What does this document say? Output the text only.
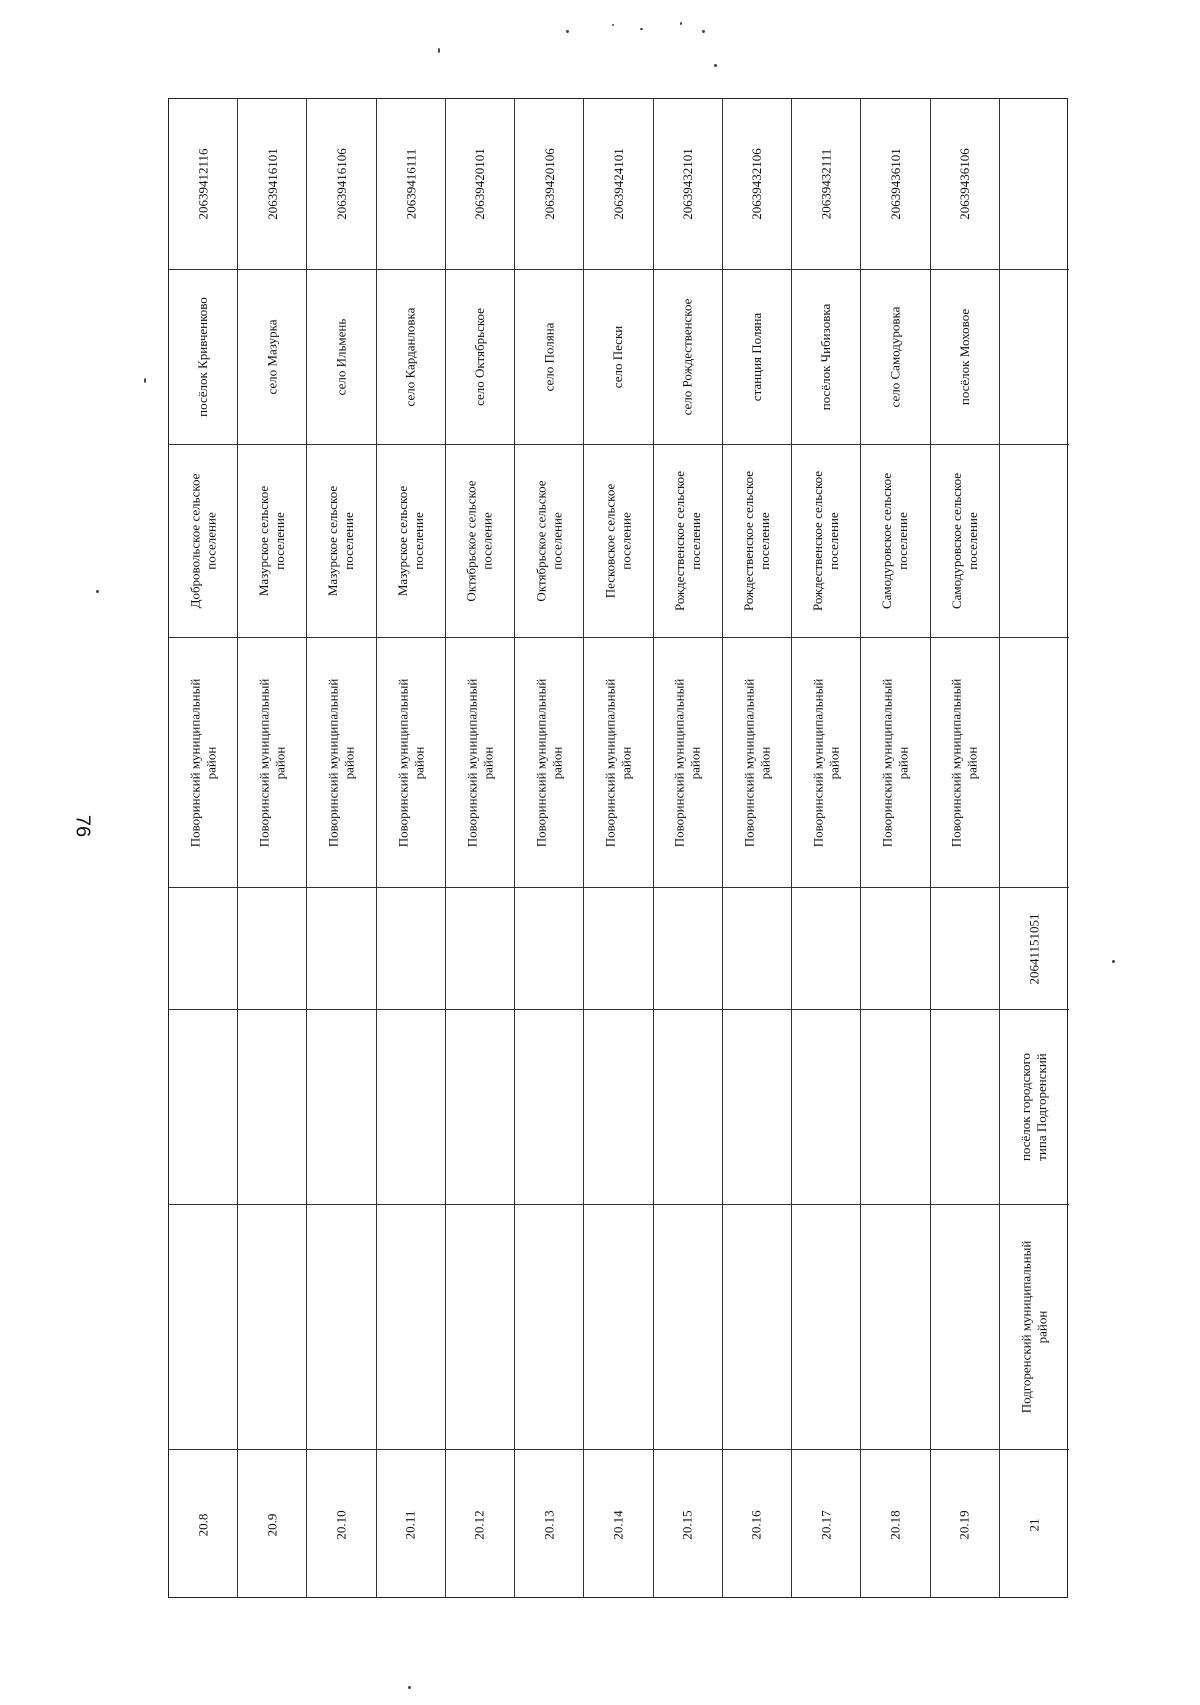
76
20639412116
посёлок Кривченково
Добровольское сельское
поселение
Поворинский муниципальный
район
20.8
20639416101
село Мазурка
Мазурское сельское
поселение
Поворинский муниципальный
район
20.9
20639416106
село Ильмень
Мазурское сельское
поселение
Поворинский муниципальный
район
20.10
20639416111
село Карданловка
Мазурское сельское
поселение
Поворинский муниципальный
район
20.11
20639420101
село Октябрьское
Октябрьское сельское
поселение
Поворинский муниципальный
район
20.12
20639420106
село Поляна
Октябрьское сельское
поселение
Поворинский муниципальный
район
20.13
20639424101
село Пески
Песковское сельское
поселение
Поворинский муниципальный
район
20.14
20639432101
село Рождественское
Рождественское сельское
поселение
Поворинский муниципальный
район
20.15
20639432106
станция Поляна
Рождественское сельское
поселение
Поворинский муниципальный
район
20.16
20639432111
посёлок Чибизовка
Рождественское сельское
поселение
Поворинский муниципальный
район
20.17
20639436101
село Самодуровка
Самодуровское сельское
поселение
Поворинский муниципальный
район
20.18
20639436106
посёлок Моховое
Самодуровское сельское
поселение
Поворинский муниципальный
район
20.19
20641151051
посёлок городского
типа Подгоренский
Подгоренский муниципальный
район
21
